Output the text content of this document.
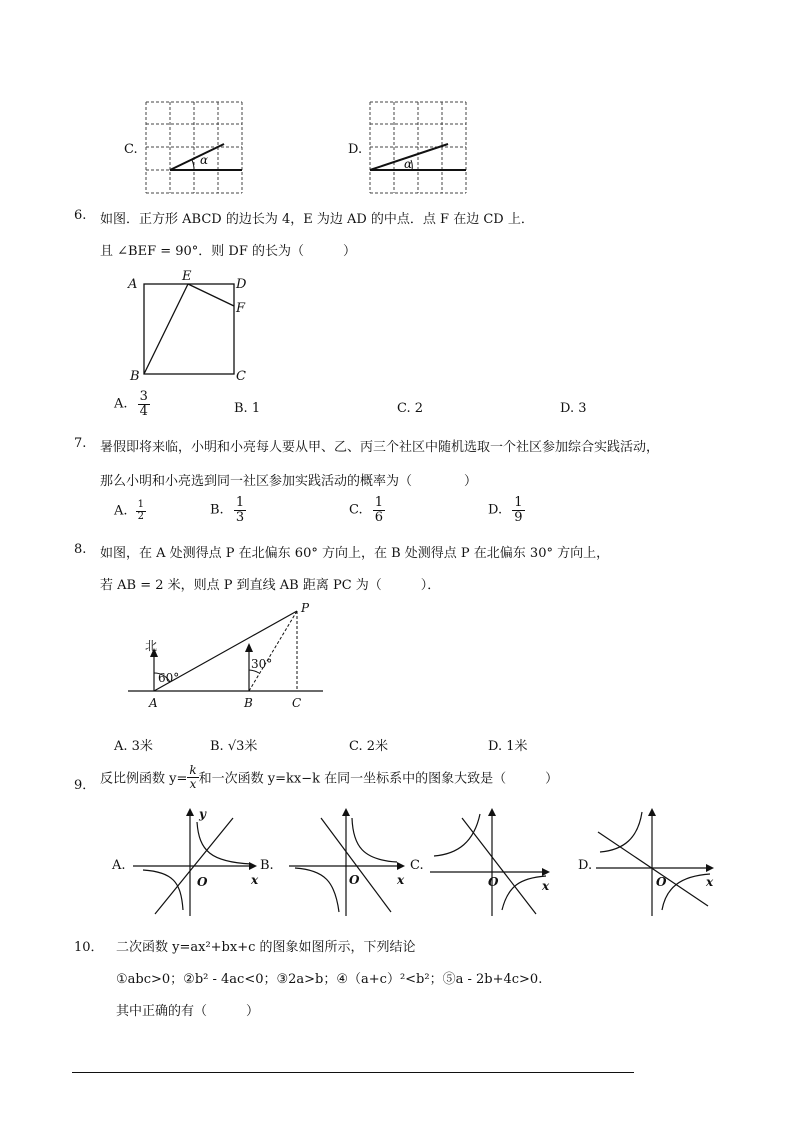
C.
α
D.
α
6. 如图．正方形 ABCD 的边长为 4，E 为边 AD 的中点．点 F 在边 CD 上．
且 ∠BEF = 90°．则 DF 的长为（　　　）
A
E
D
F
B	C
A. $\frac{3}{4}$	B. 1	C. 2	D. 3
7. 暑假即将来临，小明和小亮每人要从甲、乙、丙三个社区中随机选取一个社区参加综合实践活动，
那么小明和小亮选到同一社区参加实践活动的概率为（　　　　）
A. $\frac{1}{2}$	B. $\frac{1}{3}$	C. $\frac{1}{6}$	D. $\frac{1}{9}$
8. 如图，在 A 处测得点 P 在北偏东 60° 方向上，在 B 处测得点 P 在北偏东 30° 方向上，
若 AB = 2 米，则点 P 到直线 AB 距离 PC 为（　　　）．
北
60°
30°
A	B	C
P
A. 3米	B. √3米	C. 2米	D. 1米
9． 反比例函数 $y= \frac{k}{x}$ 和一次函数 y=kx−k 在同一坐标系中的图象大致是（　　　）
A.
y
x
O
B.
x
O
C.
x
O
D.
x
O
10． 二次函数 y=ax²+bx+c 的图象如图所示，下列结论
①abc>0；②b² - 4ac<0；③2a>b；④（a+c）²<b²；⑤a - 2b+4c>0.
其中正确的有（　　　）
